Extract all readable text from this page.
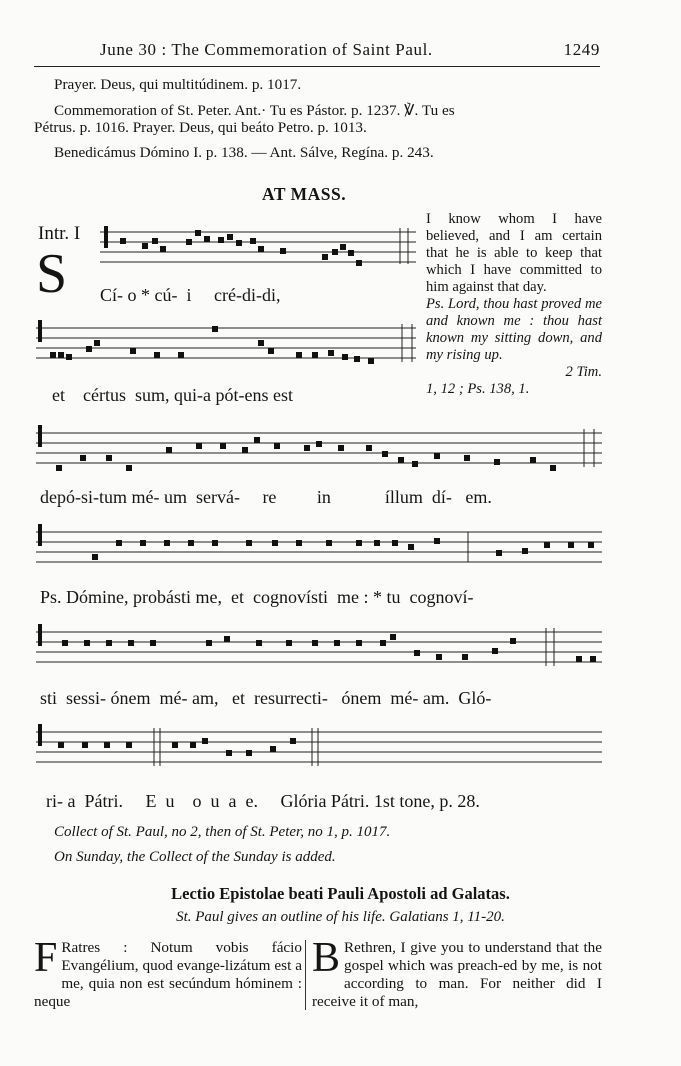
June 30 : The Commemoration of Saint Paul.	1249
Prayer. Deus, qui multitúdinem. p. 1017.
Commemoration of St. Peter. Ant.· Tu es Pástor. p. 1237. ℣. Tu es
Pétrus. p. 1016. Prayer. Deus, qui beáto Petro. p. 1013.
Benedicámus Dómino I. p. 138. — Ant. Sálve, Regína. p. 243.
AT MASS.
Intr. I
S Cí- o * cú-  i     cré-di-di,
et    cértus  sum, qui-a pót-ens est

I know whom I have believed, and I am certain that he is able to keep that which I have committed to him against that day.

Ps. Lord, thou hast proved me and known me : thou hast known my sitting down, and my rising up.

2 Tim.

1, 12 ; Ps. 138, 1.

depó-si-tum mé- um  servá-     re         in            íllum  dí-   em.
Ps. Dómine, probásti me,  et  cognovísti  me : * tu  cognoví-
sti  sessi- ónem  mé- am,   et  resurrecti-   ónem  mé- am.  Gló-
ri- a  Pátri.     E  u    o  u  a  e.     Glória Pátri. 1st tone, p. 28.
Collect of St. Paul, no 2, then of St. Peter, no 1, p. 1017.
On Sunday, the Collect of the Sunday is added.
Lectio Epistolae beati Pauli Apostoli ad Galatas.
St. Paul gives an outline of his life. Galatians 1, 11-20.
F Ratres : Notum vobis fácio Evangélium, quod evange-lizátum est a me, quia non est secúndum hóminem : neque

B Rethren, I give you to understand that the gospel which was preach-ed by me, is not according to man. For neither did I receive it of man,
